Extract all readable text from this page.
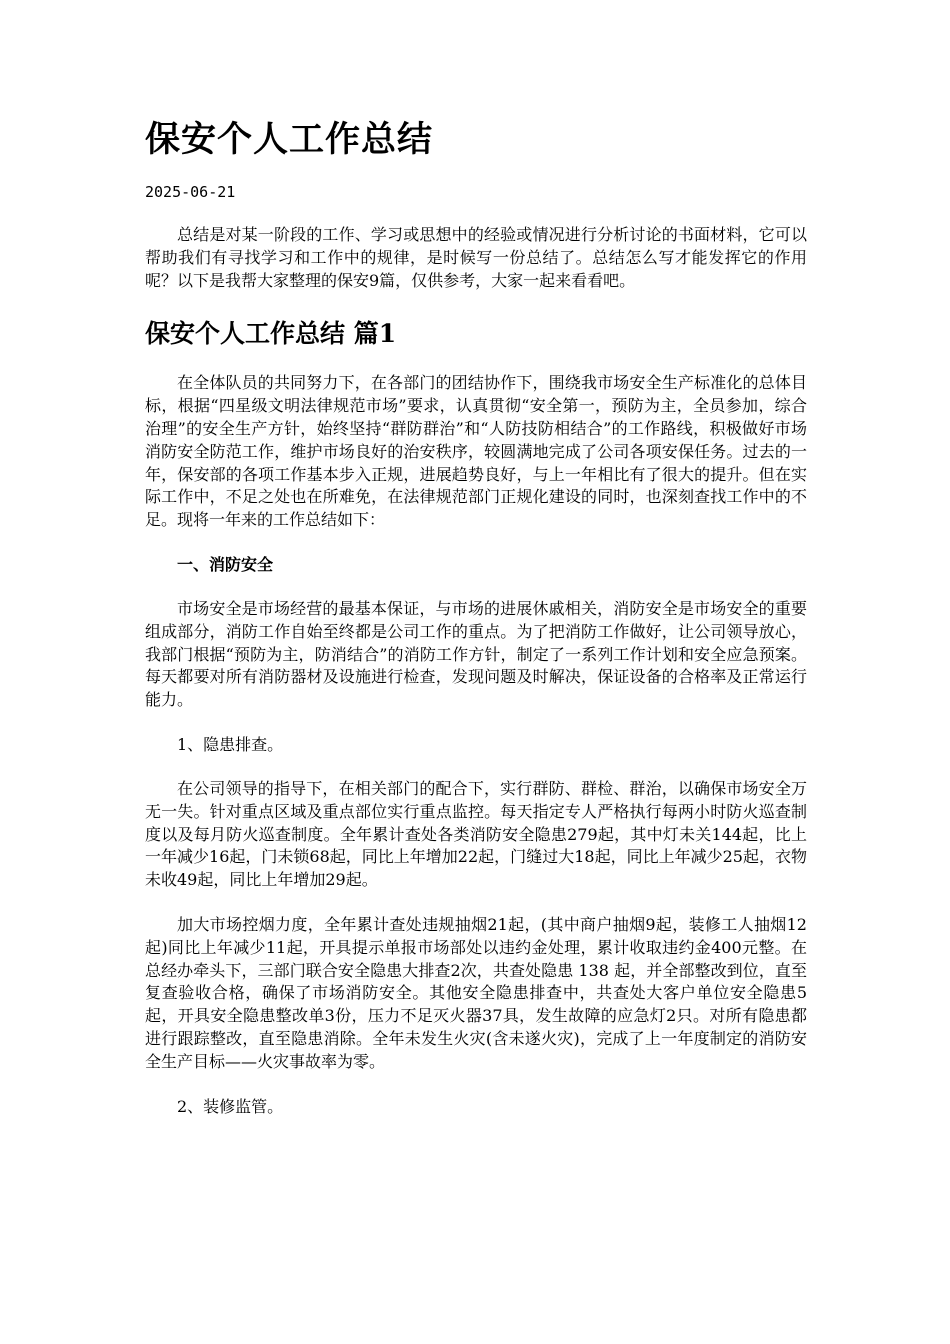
保安个人工作总结
2025-06-21

总结是对某一阶段的工作、学习或思想中的经验或情况进行分析讨论的书面材料，它可以帮助我们有寻找学习和工作中的规律，是时候写一份总结了。总结怎么写才能发挥它的作用呢？以下是我帮大家整理的保安9篇，仅供参考，大家一起来看看吧。

保安个人工作总结 篇1

在全体队员的共同努力下，在各部门的团结协作下，围绕我市场安全生产标准化的总体目标，根据“四星级文明法律规范市场”要求，认真贯彻“安全第一，预防为主，全员参加，综合治理”的安全生产方针，始终坚持“群防群治”和“人防技防相结合”的工作路线，积极做好市场消防安全防范工作，维护市场良好的治安秩序，较圆满地完成了公司各项安保任务。过去的一年，保安部的各项工作基本步入正规，进展趋势良好，与上一年相比有了很大的提升。但在实际工作中，不足之处也在所难免，在法律规范部门正规化建设的同时，也深刻查找工作中的不足。现将一年来的工作总结如下：

一、消防安全

市场安全是市场经营的最基本保证，与市场的进展休戚相关，消防安全是市场安全的重要组成部分，消防工作自始至终都是公司工作的重点。为了把消防工作做好，让公司领导放心，我部门根据“预防为主，防消结合”的消防工作方针，制定了一系列工作计划和安全应急预案。每天都要对所有消防器材及设施进行检查，发现问题及时解决，保证设备的合格率及正常运行能力。

1、隐患排查。

在公司领导的指导下，在相关部门的配合下，实行群防、群检、群治，以确保市场安全万无一失。针对重点区域及重点部位实行重点监控。每天指定专人严格执行每两小时防火巡查制度以及每月防火巡查制度。全年累计查处各类消防安全隐患279起，其中灯未关144起，比上一年减少16起，门未锁68起，同比上年增加22起，门缝过大18起，同比上年减少25起，衣物未收49起，同比上年增加29起。

加大市场控烟力度，全年累计查处违规抽烟21起，(其中商户抽烟9起，装修工人抽烟12起)同比上年减少11起，开具提示单报市场部处以违约金处理，累计收取违约金400元整。在总经办牵头下，三部门联合安全隐患大排查2次，共查处隐患 138 起，并全部整改到位，直至复查验收合格，确保了市场消防安全。其他安全隐患排查中，共查处大客户单位安全隐患5起，开具安全隐患整改单3份，压力不足灭火器37具，发生故障的应急灯2只。对所有隐患都进行跟踪整改，直至隐患消除。全年未发生火灾(含未遂火灾)，完成了上一年度制定的消防安全生产目标——火灾事故率为零。

2、装修监管。
